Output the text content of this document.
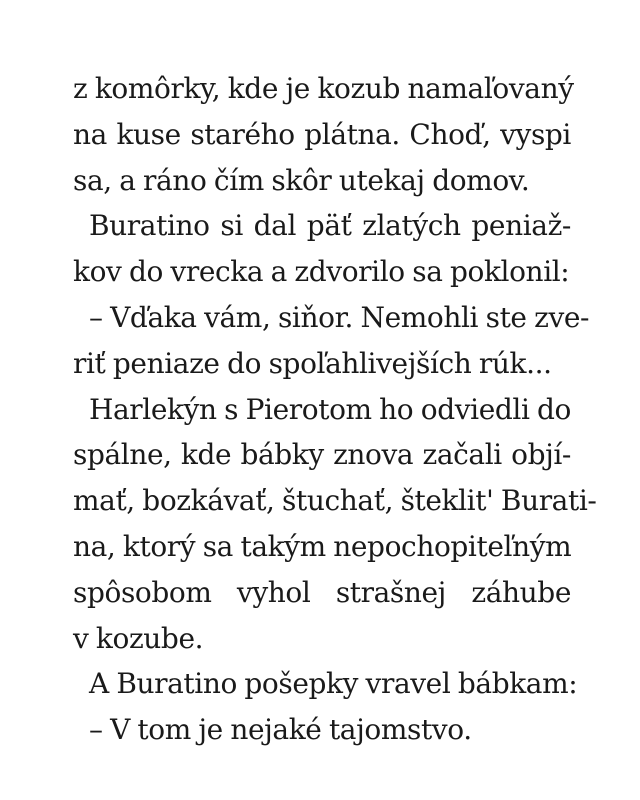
z komôrky, kde je kozub namaľovaný
na kuse starého plátna. Choď, vyspi
sa, a ráno čím skôr utekaj domov.
Buratino si dal päť zlatých peniaž-
kov do vrecka a zdvorilo sa poklonil:
– Vďaka vám, siňor. Nemohli ste zve-
riť peniaze do spoľahlivejších rúk...
Harlekýn s Pierotom ho odviedli do
spálne, kde bábky znova začali objí-
mať, bozkávať, štuchať, šteklit' Burati-
na, ktorý sa takým nepochopiteľným
spôsobom vyhol strašnej záhube
v kozube.
A Buratino pošepky vravel bábkam:
– V tom je nejaké tajomstvo.
